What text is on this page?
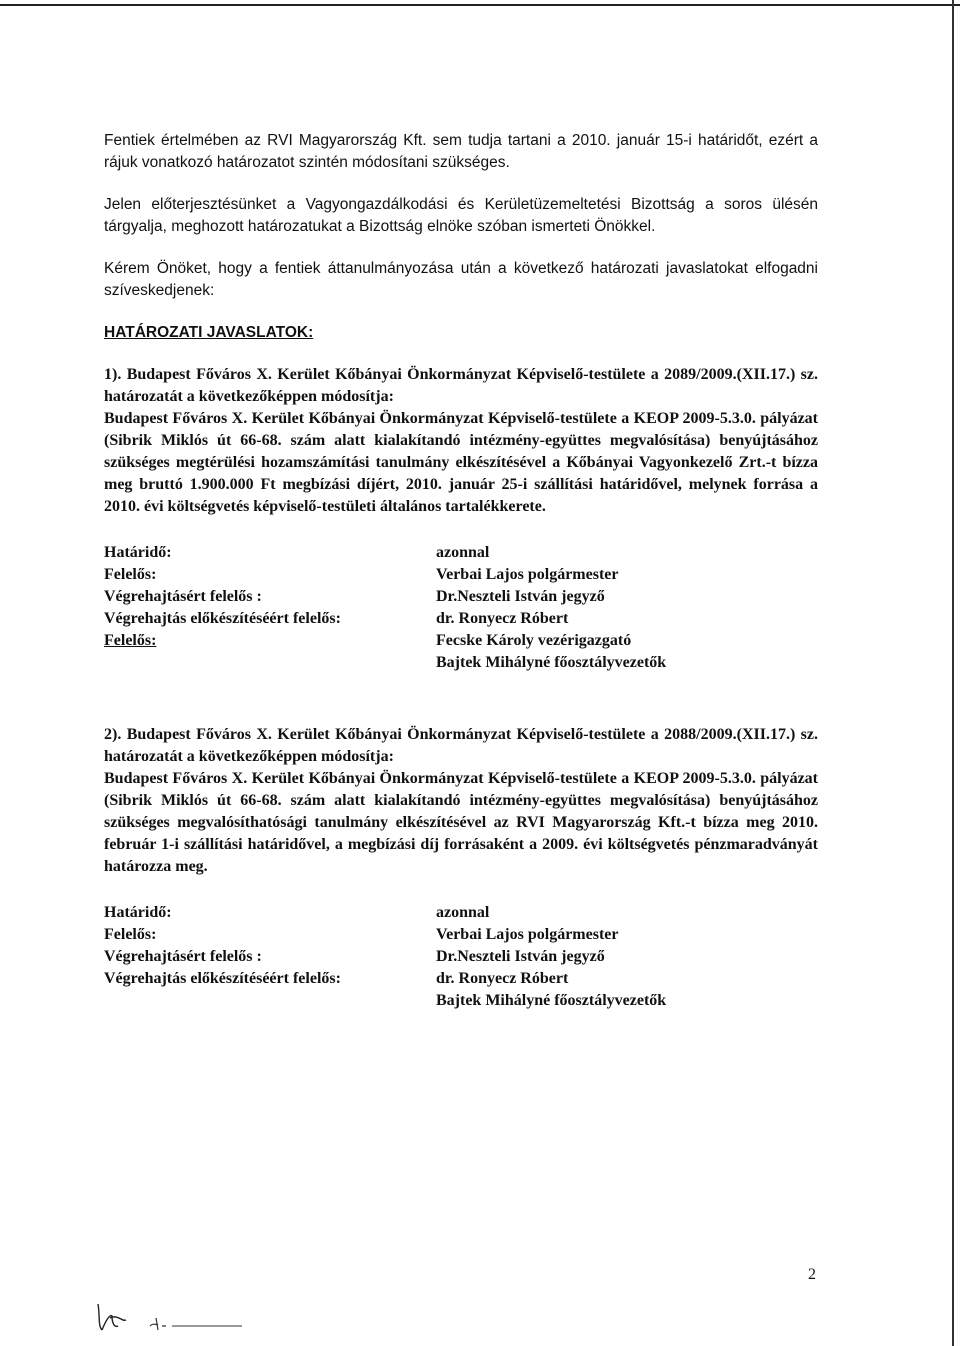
Fentiek értelmében az RVI Magyarország Kft. sem tudja tartani a 2010. január 15-i határidőt, ezért a rájuk vonatkozó határozatot szintén módosítani szükséges.

Jelen előterjesztésünket a Vagyongazdálkodási és Kerületüzemeltetési Bizottság a soros ülésén tárgyalja, meghozott határozatukat a Bizottság elnöke szóban ismerteti Önökkel.

Kérem Önöket, hogy a fentiek áttanulmányozása után a következő határozati javaslatokat elfogadni szíveskedjenek:

HATÁROZATI JAVASLATOK:

1). Budapest Főváros X. Kerület Kőbányai Önkormányzat Képviselő-testülete a 2089/2009.(XII.17.) sz. határozatát a következőképpen módosítja:

Budapest Főváros X. Kerület Kőbányai Önkormányzat Képviselő-testülete a KEOP 2009-5.3.0. pályázat (Sibrik Miklós út 66-68. szám alatt kialakítandó intézmény-együttes megvalósítása) benyújtásához szükséges megtérülési hozamszámítási tanulmány elkészítésével a Kőbányai Vagyonkezelő Zrt.-t bízza meg bruttó 1.900.000 Ft megbízási díjért, 2010. január 25-i szállítási határidővel, melynek forrása a 2010. évi költségvetés képviselő-testületi általános tartalékkerete.

Határidő:
Felelős:
Végrehajtásért felelős :
Végrehajtás előkészítéséért felelős:
Felelős:
azonnal
Verbai Lajos polgármester
Dr.Neszteli István jegyző
dr. Ronyecz Róbert
Fecske Károly vezérigazgató
Bajtek Mihályné főosztályvezetők

2). Budapest Főváros X. Kerület Kőbányai Önkormányzat Képviselő-testülete a 2088/2009.(XII.17.) sz. határozatát a következőképpen módosítja:

Budapest Főváros X. Kerület Kőbányai Önkormányzat Képviselő-testülete a KEOP 2009-5.3.0. pályázat (Sibrik Miklós út 66-68. szám alatt kialakítandó intézmény-együttes megvalósítása) benyújtásához szükséges megvalósíthatósági tanulmány elkészítésével az RVI Magyarország Kft.-t bízza meg 2010. február 1-i szállítási határidővel, a megbízási díj forrásaként a 2009. évi költségvetés pénzmaradványát határozza meg.

Határidő:
Felelős:
Végrehajtásért felelős :
Végrehajtás előkészítéséért felelős:
azonnal
Verbai Lajos polgármester
Dr.Neszteli István jegyző
dr. Ronyecz Róbert
Bajtek Mihályné főosztályvezetők
2
